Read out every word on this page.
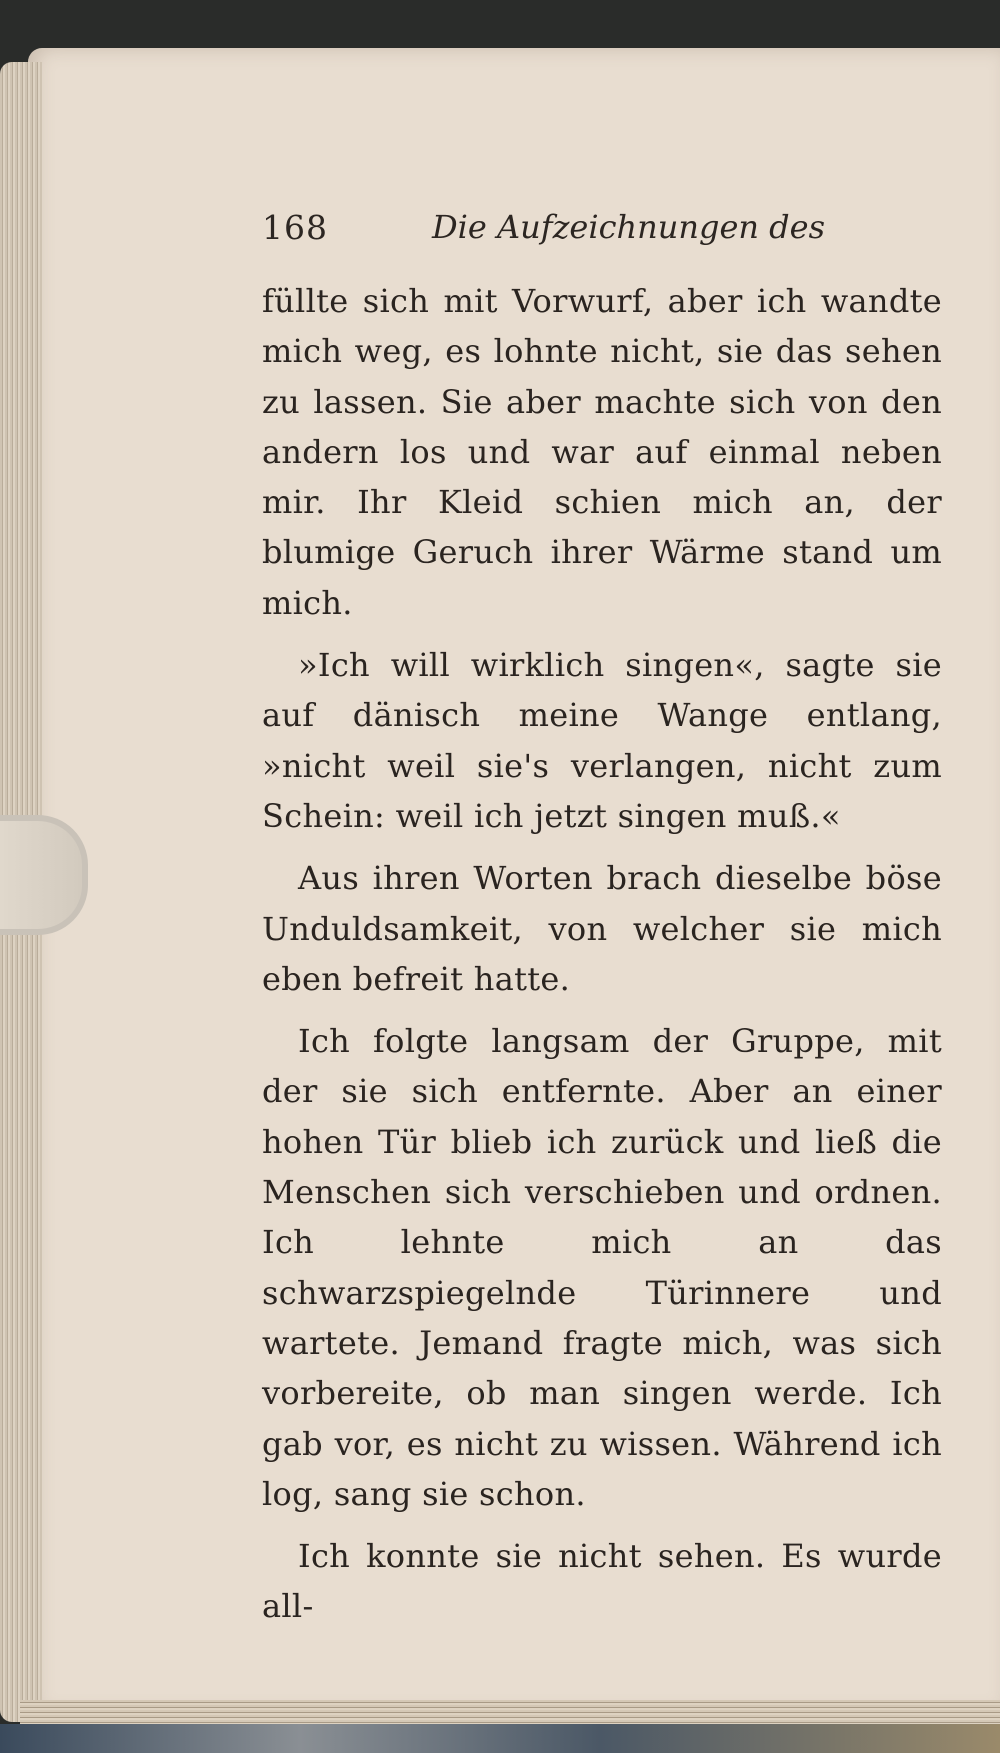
168	Die Aufzeichnungen des

füllte sich mit Vorwurf, aber ich wandte mich weg, es lohnte nicht, sie das sehen zu lassen. Sie aber machte sich von den andern los und war auf einmal neben mir. Ihr Kleid schien mich an, der blumige Geruch ihrer Wärme stand um mich.

»Ich will wirklich singen«, sagte sie auf dänisch meine Wange entlang, »nicht weil sie's verlangen, nicht zum Schein: weil ich jetzt singen muß.«

Aus ihren Worten brach dieselbe böse Unduldsamkeit, von welcher sie mich eben befreit hatte.

Ich folgte langsam der Gruppe, mit der sie sich entfernte. Aber an einer hohen Tür blieb ich zurück und ließ die Menschen sich verschieben und ordnen. Ich lehnte mich an das schwarzspiegelnde Türinnere und wartete. Jemand fragte mich, was sich vorbereite, ob man singen werde. Ich gab vor, es nicht zu wissen. Während ich log, sang sie schon.

Ich konnte sie nicht sehen. Es wurde all-
